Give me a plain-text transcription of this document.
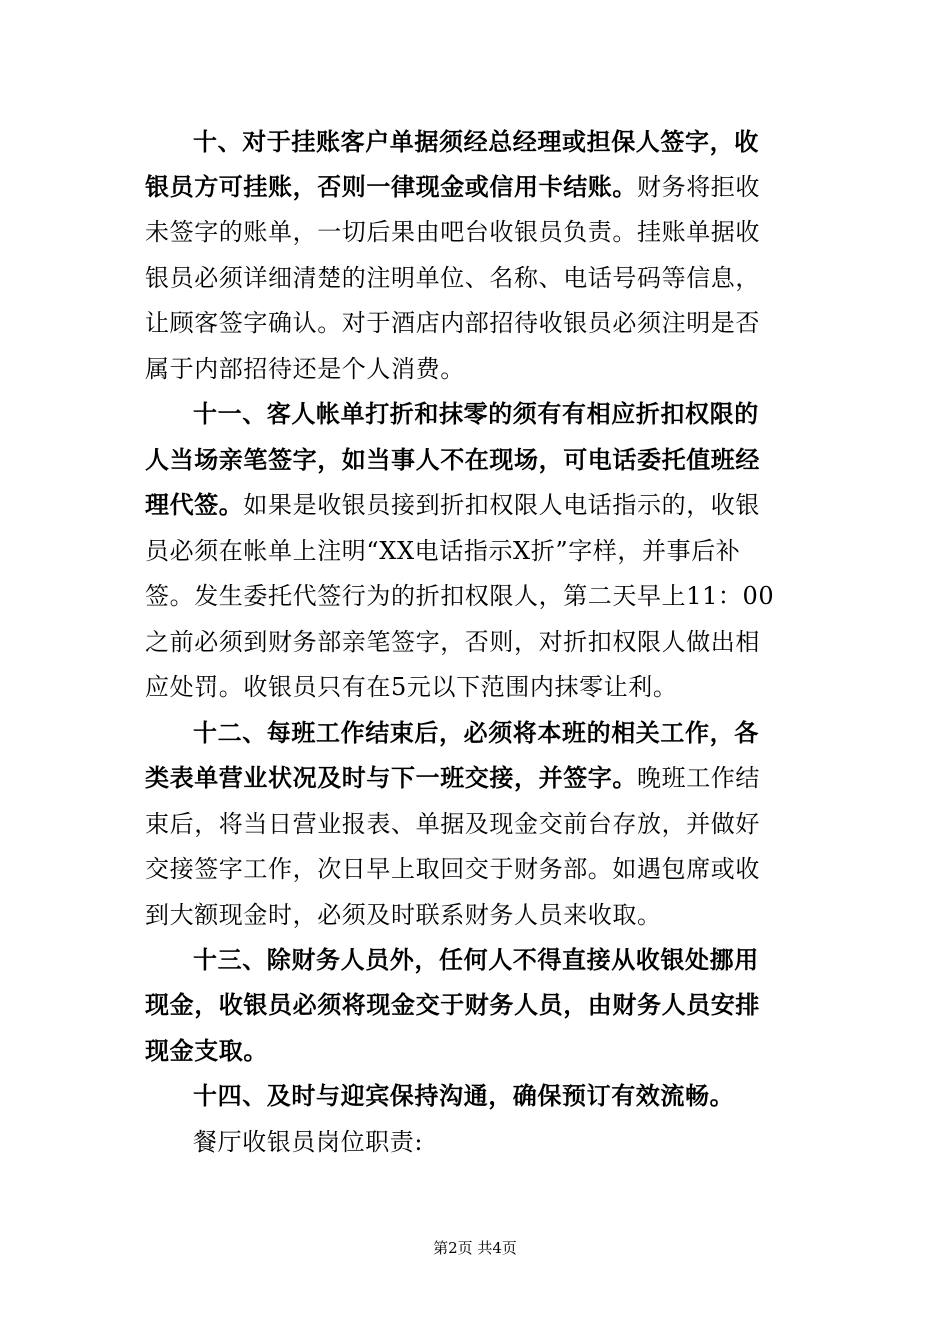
十、对于挂账客户单据须经总经理或担保人签字，收
银员方可挂账，否则一律现金或信用卡结账。财务将拒收
未签字的账单，一切后果由吧台收银员负责。挂账单据收
银员必须详细清楚的注明单位、名称、电话号码等信息，
让顾客签字确认。对于酒店内部招待收银员必须注明是否
属于内部招待还是个人消费。
十一、客人帐单打折和抹零的须有有相应折扣权限的
人当场亲笔签字，如当事人不在现场，可电话委托值班经
理代签。如果是收银员接到折扣权限人电话指示的，收银
员必须在帐单上注明“XX电话指示X折”字样，并事后补
签。发生委托代签行为的折扣权限人，第二天早上11：00
之前必须到财务部亲笔签字，否则，对折扣权限人做出相
应处罚。收银员只有在5元以下范围内抹零让利。
十二、每班工作结束后，必须将本班的相关工作，各
类表单营业状况及时与下一班交接，并签字。晚班工作结
束后，将当日营业报表、单据及现金交前台存放，并做好
交接签字工作，次日早上取回交于财务部。如遇包席或收
到大额现金时，必须及时联系财务人员来收取。
十三、除财务人员外，任何人不得直接从收银处挪用
现金，收银员必须将现金交于财务人员，由财务人员安排
现金支取。
十四、及时与迎宾保持沟通，确保预订有效流畅。
餐厅收银员岗位职责:
第2页 共4页
